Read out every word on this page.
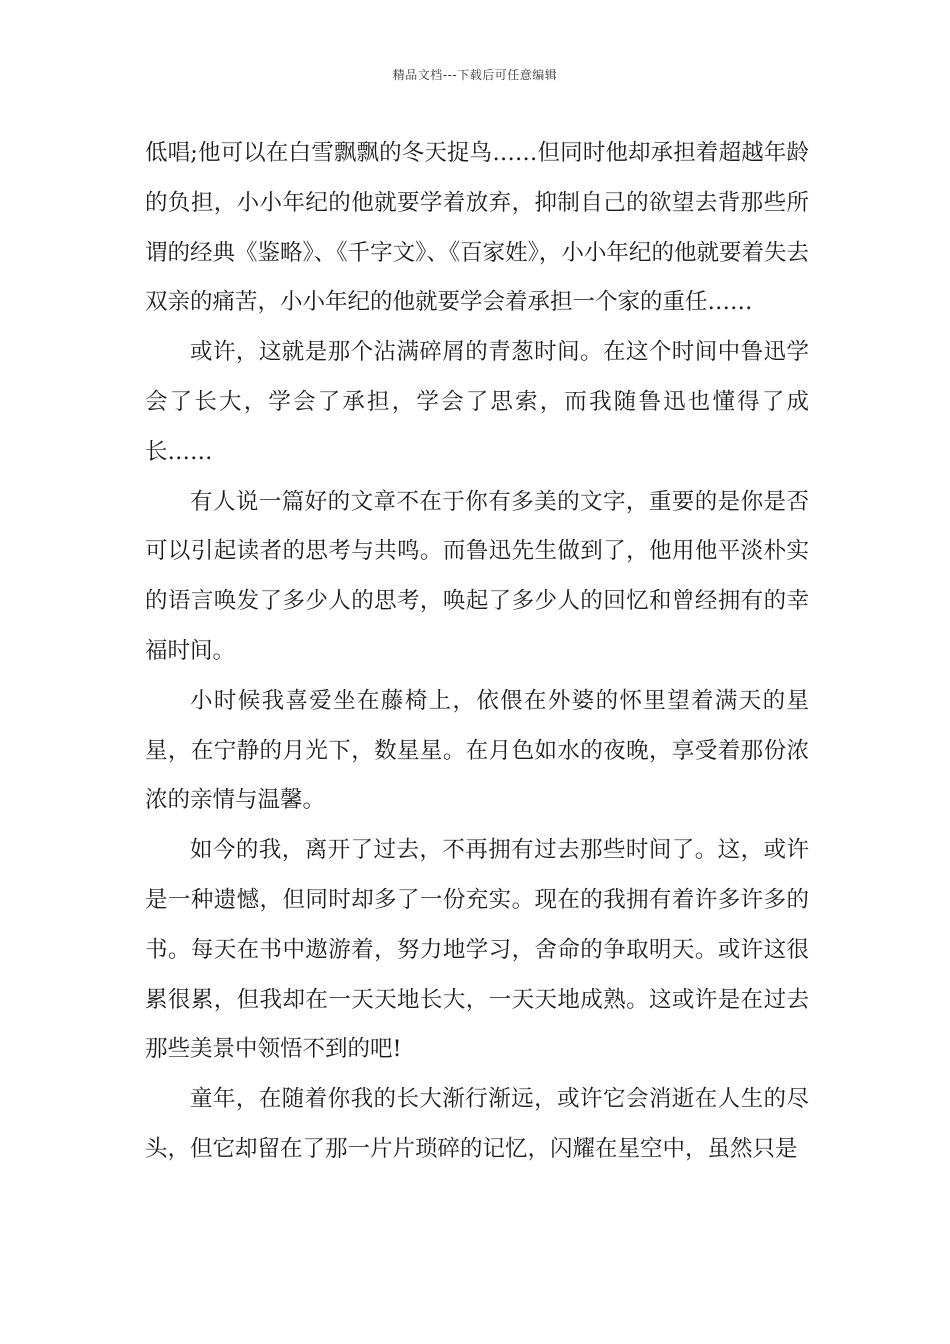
精品文档---下载后可任意编辑

低唱;他可以在白雪飘飘的冬天捉鸟……但同时他却承担着超越年龄的负担，小小年纪的他就要学着放弃，抑制自己的欲望去背那些所谓的经典《鉴略》、《千字文》、《百家姓》，小小年纪的他就要着失去双亲的痛苦，小小年纪的他就要学会着承担一个家的重任……

或许，这就是那个沾满碎屑的青葱时间。在这个时间中鲁迅学会了长大，学会了承担，学会了思索，而我随鲁迅也懂得了成长……

有人说一篇好的文章不在于你有多美的文字，重要的是你是否可以引起读者的思考与共鸣。而鲁迅先生做到了，他用他平淡朴实的语言唤发了多少人的思考，唤起了多少人的回忆和曾经拥有的幸福时间。

小时候我喜爱坐在藤椅上，依偎在外婆的怀里望着满天的星星，在宁静的月光下，数星星。在月色如水的夜晚，享受着那份浓浓的亲情与温馨。

如今的我，离开了过去，不再拥有过去那些时间了。这，或许是一种遗憾，但同时却多了一份充实。现在的我拥有着许多许多的书。每天在书中遨游着，努力地学习，舍命的争取明天。或许这很累很累，但我却在一天天地长大，一天天地成熟。这或许是在过去那些美景中领悟不到的吧!

童年，在随着你我的长大渐行渐远，或许它会消逝在人生的尽头，但它却留在了那一片片琐碎的记忆，闪耀在星空中，虽然只是
